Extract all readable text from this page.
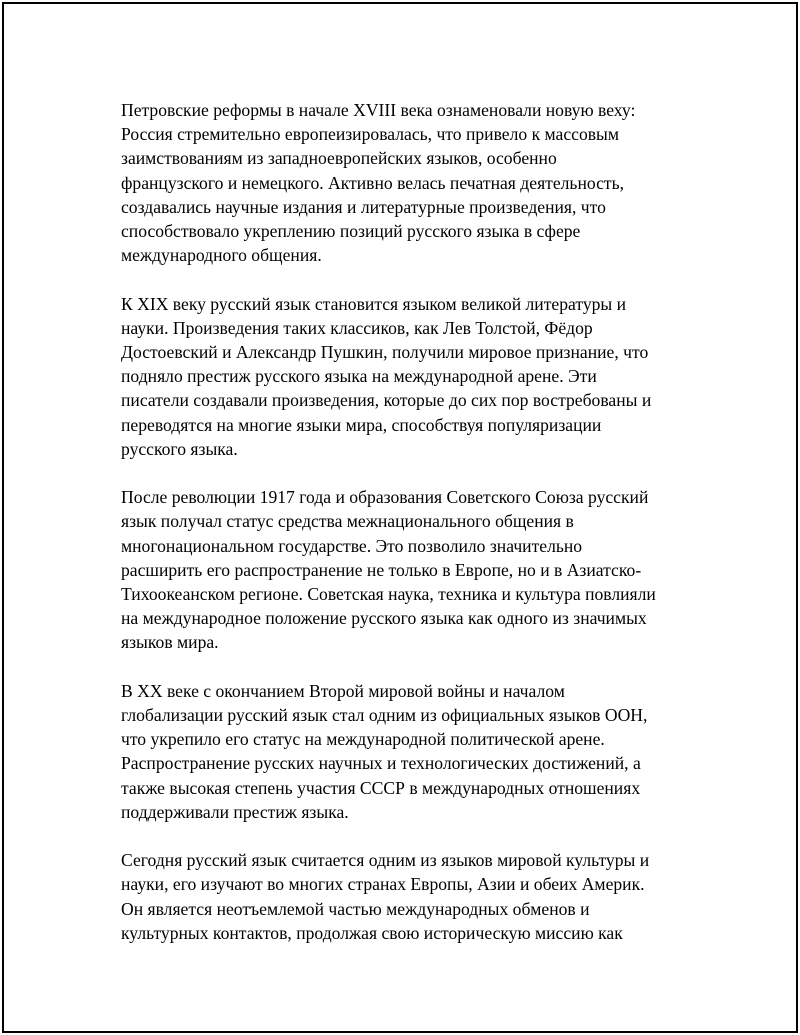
Петровские реформы в начале XVIII века ознаменовали новую веху:
Россия стремительно европеизировалась, что привело к массовым
заимствованиям из западноевропейских языков, особенно
французского и немецкого. Активно велась печатная деятельность,
создавались научные издания и литературные произведения, что
способствовало укреплению позиций русского языка в сфере
международного общения.

К XIX веку русский язык становится языком великой литературы и
науки. Произведения таких классиков, как Лев Толстой, Фёдор
Достоевский и Александр Пушкин, получили мировое признание, что
подняло престиж русского языка на международной арене. Эти
писатели создавали произведения, которые до сих пор востребованы и
переводятся на многие языки мира, способствуя популяризации
русского языка.

После революции 1917 года и образования Советского Союза русский
язык получал статус средства межнационального общения в
многонациональном государстве. Это позволило значительно
расширить его распространение не только в Европе, но и в Азиатско-
Тихоокеанском регионе. Советская наука, техника и культура повлияли
на международное положение русского языка как одного из значимых
языков мира.

В XX веке с окончанием Второй мировой войны и началом
глобализации русский язык стал одним из официальных языков ООН,
что укрепило его статус на международной политической арене.
Распространение русских научных и технологических достижений, а
также высокая степень участия СССР в международных отношениях
поддерживали престиж языка.

Сегодня русский язык считается одним из языков мировой культуры и
науки, его изучают во многих странах Европы, Азии и обеих Америк.
Он является неотъемлемой частью международных обменов и
культурных контактов, продолжая свою историческую миссию как
